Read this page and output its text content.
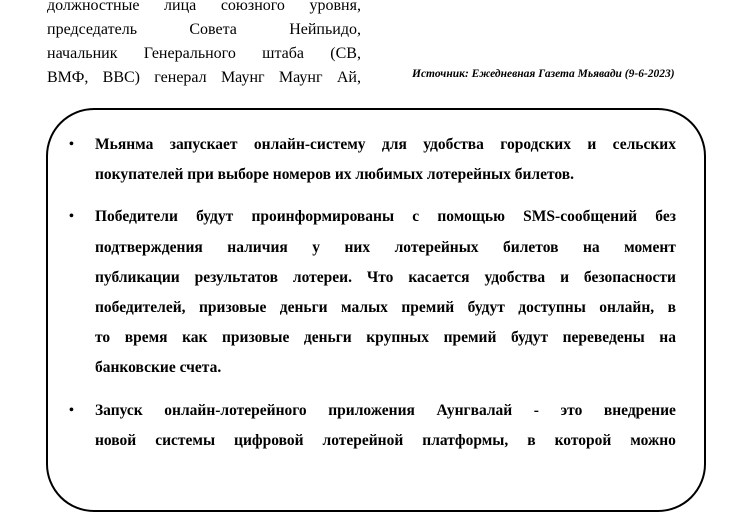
должностные лица союзного уровня,
председатель	Совета	Нейпьидо,
начальник Генерального штаба (СВ,
ВМФ, ВВС) генерал Маунг Маунг Ай,	Источник: Ежедневная Газета Мьявади (9-6-2023)
• Мьянма запускает онлайн-систему для удобства городских и сельских
покупателей при выборе номеров их любимых лотерейных билетов.
• Победители будут проинформированы с помощью SMS-сообщений без
подтверждения наличия у них лотерейных билетов на момент
публикации результатов лотереи. Что касается удобства и безопасности
победителей, призовые деньги малых премий будут доступны онлайн, в
то время как призовые деньги крупных премий будут переведены на
банковские счета.
• Запуск онлайн-лотерейного приложения Аунгвалай - это внедрение
новой системы цифровой лотерейной платформы, в которой можно
